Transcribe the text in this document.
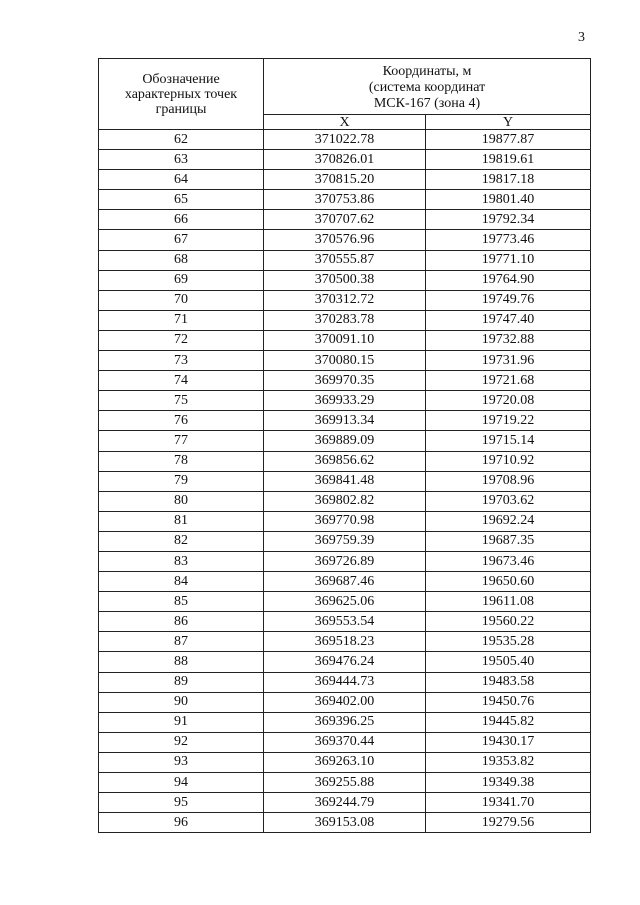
3
Обозначение
характерных точек
границы	Координаты, м
(система координат
МСК-167 (зона 4)	

	X	Y
62	371022.78	19877.87
63	370826.01	19819.61
64	370815.20	19817.18
65	370753.86	19801.40
66	370707.62	19792.34
67	370576.96	19773.46
68	370555.87	19771.10
69	370500.38	19764.90
70	370312.72	19749.76
71	370283.78	19747.40
72	370091.10	19732.88
73	370080.15	19731.96
74	369970.35	19721.68
75	369933.29	19720.08
76	369913.34	19719.22
77	369889.09	19715.14
78	369856.62	19710.92
79	369841.48	19708.96
80	369802.82	19703.62
81	369770.98	19692.24
82	369759.39	19687.35
83	369726.89	19673.46
84	369687.46	19650.60
85	369625.06	19611.08
86	369553.54	19560.22
87	369518.23	19535.28
88	369476.24	19505.40
89	369444.73	19483.58
90	369402.00	19450.76
91	369396.25	19445.82
92	369370.44	19430.17
93	369263.10	19353.82
94	369255.88	19349.38
95	369244.79	19341.70
96	369153.08	19279.56
